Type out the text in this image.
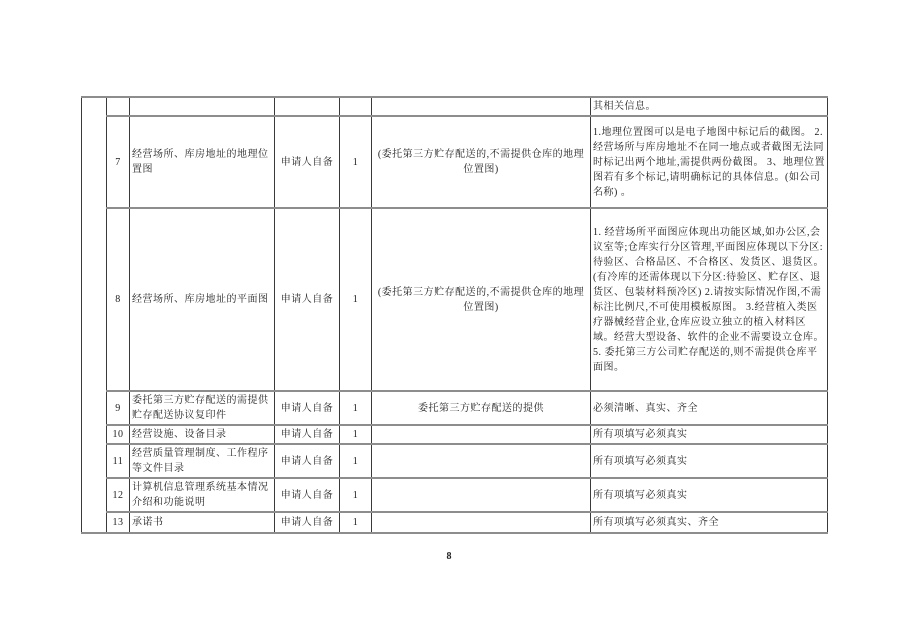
						其相关信息。
	7	经营场所、库房地址的地理位置图	申请人自备	1	(委托第三方贮存配送的,不需提供仓库的地理位置图)	1.地理位置图可以是电子地图中标记后的截图。 2.经营场所与库房地址不在同一地点或者截图无法同时标记出两个地址,需提供两份截图。 3、地理位置图若有多个标记,请明确标记的具体信息。(如公司名称) 。
	8	经营场所、库房地址的平面图	申请人自备	1	(委托第三方贮存配送的,不需提供仓库的地理位置图)	1. 经营场所平面图应体现出功能区域,如办公区,会议室等;仓库实行分区管理,平面图应体现以下分区:待验区、合格品区、不合格区、发货区、退货区。(有冷库的还需体现以下分区:待验区、贮存区、退货区、包装材料预冷区) 2.请按实际情况作图,不需标注比例尺,不可使用模板原图。 3.经营植入类医疗器械经营企业,仓库应设立独立的植入材料区域。经营大型设备、软件的企业不需要设立仓库。 5. 委托第三方公司贮存配送的,则不需提供仓库平面图。
	9	委托第三方贮存配送的需提供贮存配送协议复印件	申请人自备	1	委托第三方贮存配送的提供	必须清晰、真实、齐全
	10	经营设施、设备目录	申请人自备	1		所有项填写必须真实
	11	经营质量管理制度、工作程序等文件目录	申请人自备	1		所有项填写必须真实
	12	计算机信息管理系统基本情况介绍和功能说明	申请人自备	1		所有项填写必须真实
	13	承诺书	申请人自备	1		所有项填写必须真实、齐全
8
